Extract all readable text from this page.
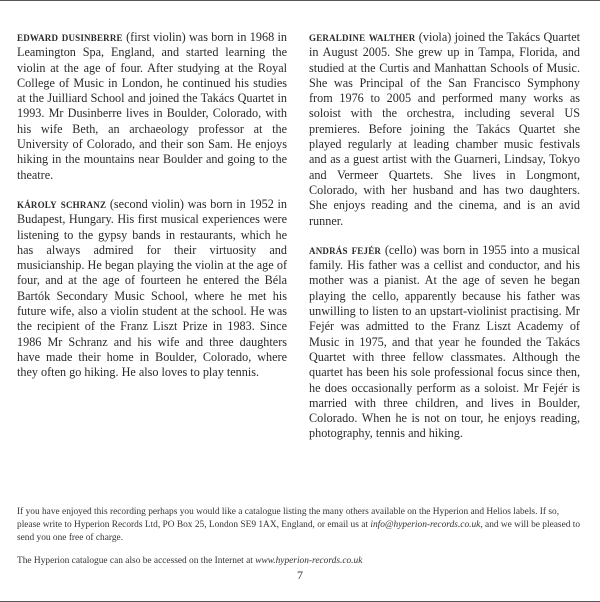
edward dusinberre (first violin) was born in 1968 in Leamington Spa, England, and started learning the violin at the age of four. After studying at the Royal College of Music in London, he continued his studies at the Juilliard School and joined the Takács Quartet in 1993. Mr Dusinberre lives in Boulder, Colorado, with his wife Beth, an archaeology professor at the University of Colorado, and their son Sam. He enjoys hiking in the mountains near Boulder and going to the theatre.

károly schranz (second violin) was born in 1952 in Budapest, Hungary. His first musical experiences were listening to the gypsy bands in restaurants, which he has always admired for their virtuosity and musicianship. He began playing the violin at the age of four, and at the age of fourteen he entered the Béla Bartók Secondary Music School, where he met his future wife, also a violin student at the school. He was the recipient of the Franz Liszt Prize in 1983. Since 1986 Mr Schranz and his wife and three daughters have made their home in Boulder, Colorado, where they often go hiking. He also loves to play tennis.

geraldine walther (viola) joined the Takács Quartet in August 2005. She grew up in Tampa, Florida, and studied at the Curtis and Manhattan Schools of Music. She was Principal of the San Francisco Symphony from 1976 to 2005 and performed many works as soloist with the orchestra, including several US premieres. Before joining the Takács Quartet she played regularly at leading chamber music festivals and as a guest artist with the Guarneri, Lindsay, Tokyo and Vermeer Quartets. She lives in Longmont, Colorado, with her husband and has two daughters. She enjoys reading and the cinema, and is an avid runner.

andrás fejér (cello) was born in 1955 into a musical family. His father was a cellist and conductor, and his mother was a pianist. At the age of seven he began playing the cello, apparently because his father was unwilling to listen to an upstart-violinist practising. Mr Fejér was admitted to the Franz Liszt Academy of Music in 1975, and that year he founded the Takács Quartet with three fellow classmates. Although the quartet has been his sole professional focus since then, he does occasionally perform as a soloist. Mr Fejér is married with three children, and lives in Boulder, Colorado. When he is not on tour, he enjoys reading, photography, tennis and hiking.

If you have enjoyed this recording perhaps you would like a catalogue listing the many others available on the Hyperion and Helios labels. If so, please write to Hyperion Records Ltd, PO Box 25, London SE9 1AX, England, or email us at info@hyperion-records.co.uk, and we will be pleased to send you one free of charge.

The Hyperion catalogue can also be accessed on the Internet at www.hyperion-records.co.uk

7
